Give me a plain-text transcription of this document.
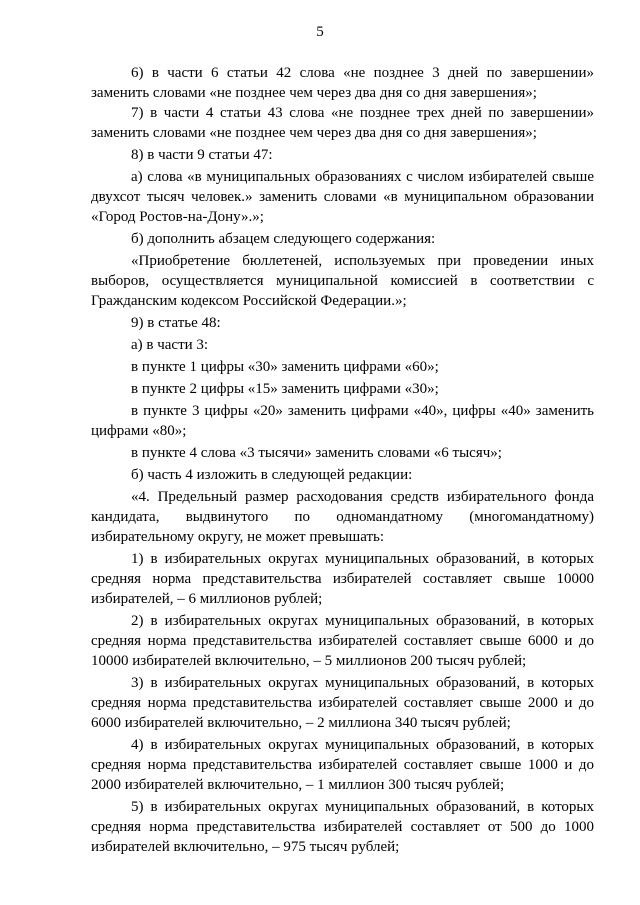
5

6) в части 6 статьи 42 слова «не позднее 3 дней по завершении» заменить словами «не позднее чем через два дня со дня завершения»;

7) в части 4 статьи 43 слова «не позднее трех дней по завершении» заменить словами «не позднее чем через два дня со дня завершения»;

8) в части 9 статьи 47:

а) слова «в муниципальных образованиях с числом избирателей свыше двухсот тысяч человек.» заменить словами «в муниципальном образовании «Город Ростов-на-Дону».»;

б) дополнить абзацем следующего содержания:

«Приобретение бюллетеней, используемых при проведении иных выборов, осуществляется муниципальной комиссией в соответствии с Гражданским кодексом Российской Федерации.»;

9) в статье 48:

а) в части 3:

в пункте 1 цифры «30» заменить цифрами «60»;

в пункте 2 цифры «15» заменить цифрами «30»;

в пункте 3 цифры «20» заменить цифрами «40», цифры «40» заменить цифрами «80»;

в пункте 4 слова «3 тысячи» заменить словами «6 тысяч»;

б) часть 4 изложить в следующей редакции:

«4. Предельный размер расходования средств избирательного фонда кандидата, выдвинутого по одномандатному (многомандатному) избирательному округу, не может превышать:

1) в избирательных округах муниципальных образований, в которых средняя норма представительства избирателей составляет свыше 10000 избирателей, – 6 миллионов рублей;

2) в избирательных округах муниципальных образований, в которых средняя норма представительства избирателей составляет свыше 6000 и до 10000 избирателей включительно, – 5 миллионов 200 тысяч рублей;

3) в избирательных округах муниципальных образований, в которых средняя норма представительства избирателей составляет свыше 2000 и до 6000 избирателей включительно, – 2 миллиона 340 тысяч рублей;

4) в избирательных округах муниципальных образований, в которых средняя норма представительства избирателей составляет свыше 1000 и до 2000 избирателей включительно, – 1 миллион 300 тысяч рублей;

5) в избирательных округах муниципальных образований, в которых средняя норма представительства избирателей составляет от 500 до 1000 избирателей включительно, – 975 тысяч рублей;
